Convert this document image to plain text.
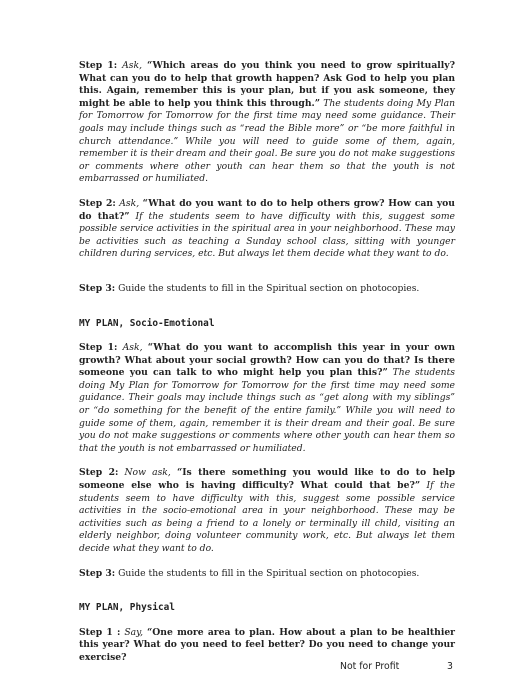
Step 1: Ask, “Which areas do you think you need to grow spiritually? What can you do to help that growth happen? Ask God to help you plan this. Again, remember this is your plan, but if you ask someone, they might be able to help you think this through.” The students doing My Plan for Tomorrow for Tomorrow for the first time may need some guidance. Their goals may include things such as “read the Bible more” or “be more faithful in church attendance.” While you will need to guide some of them, again, remember it is their dream and their goal. Be sure you do not make suggestions or comments where other youth can hear them so that the youth is not embarrassed or humiliated.

Step 2: Ask, “What do you want to do to help others grow? How can you do that?” If the students seem to have difficulty with this, suggest some possible service activities in the spiritual area in your neighborhood. These may be activities such as teaching a Sunday school class, sitting with younger children during services, etc. But always let them decide what they want to do.

Step 3: Guide the students to fill in the Spiritual section on photocopies.

MY PLAN, Socio-Emotional

Step 1: Ask, “What do you want to accomplish this year in your own growth? What about your social growth? How can you do that? Is there someone you can talk to who might help you plan this?” The students doing My Plan for Tomorrow for Tomorrow for the first time may need some guidance. Their goals may include things such as “get along with my siblings” or “do something for the benefit of the entire family.” While you will need to guide some of them, again, remember it is their dream and their goal. Be sure you do not make suggestions or comments where other youth can hear them so that the youth is not embarrassed or humiliated.

Step 2: Now ask, “Is there something you would like to do to help someone else who is having difficulty? What could that be?” If the students seem to have difficulty with this, suggest some possible service activities in the socio-emotional area in your neighborhood. These may be activities such as being a friend to a lonely or terminally ill child, visiting an elderly neighbor, doing volunteer community work, etc. But always let them decide what they want to do.

Step 3: Guide the students to fill in the Spiritual section on photocopies.

MY PLAN, Physical

Step 1 : Say, “One more area to plan. How about a plan to be healthier this year? What do you need to feel better? Do you need to change your exercise?

Not for Profit	3
